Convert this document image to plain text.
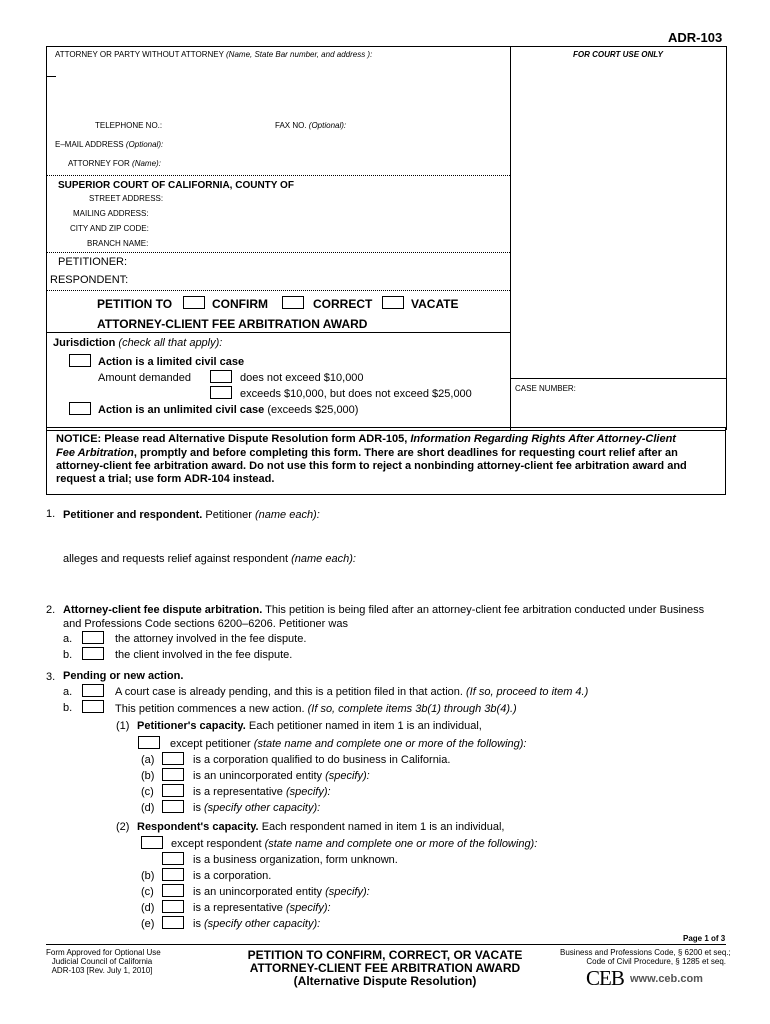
ADR-103
ATTORNEY OR PARTY WITHOUT ATTORNEY (Name, State Bar number, and address ):	FOR COURT USE ONLY
TELEPHONE NO.:	FAX NO. (Optional):
E–MAIL ADDRESS (Optional):
ATTORNEY FOR (Name):
SUPERIOR COURT OF CALIFORNIA, COUNTY OF
STREET ADDRESS:
MAILING ADDRESS:
CITY AND ZIP CODE:
BRANCH NAME:
PETITIONER:
RESPONDENT:
PETITION TO	CONFIRM	CORRECT	VACATE
ATTORNEY-CLIENT FEE ARBITRATION AWARD
Jurisdiction (check all that apply):
Action is a limited civil case
Amount demanded	does not exceed $10,000
exceeds $10,000, but does not exceed $25,000
Action is an unlimited civil case (exceeds $25,000)
CASE NUMBER:
NOTICE: Please read Alternative Dispute Resolution form ADR-105, Information Regarding Rights After Attorney-Client
Fee Arbitration, promptly and before completing this form. There are short deadlines for requesting court relief after an
attorney-client fee arbitration award. Do not use this form to reject a nonbinding attorney-client fee arbitration award and
request a trial; use form ADR-104 instead.
1. Petitioner and respondent. Petitioner (name each):
alleges and requests relief against respondent (name each):
2. Attorney-client fee dispute arbitration. This petition is being filed after an attorney-client fee arbitration conducted under Business
and Professions Code sections 6200–6206. Petitioner was
a.	the attorney involved in the fee dispute.
b.	the client involved in the fee dispute.
3. Pending or new action.
a.	A court case is already pending, and this is a petition filed in that action. (If so, proceed to item 4.)
b.	This petition commences a new action. (If so, complete items 3b(1) through 3b(4).)
(1) Petitioner's capacity. Each petitioner named in item 1 is an individual,
except petitioner (state name and complete one or more of the following):
(a)	is a corporation qualified to do business in California.
(b)	is an unincorporated entity (specify):
(c)	is a representative (specify):
(d)	is (specify other capacity):
(2) Respondent's capacity. Each respondent named in item 1 is an individual,
except respondent (state name and complete one or more of the following):
is a business organization, form unknown.
(b)	is a corporation.
(c)	is an unincorporated entity (specify):
(d)	is a representative (specify):
(e)	is (specify other capacity):
Page 1 of 3
Form Approved for Optional Use
Judicial Council of California
ADR-103 [Rev. July 1, 2010]
PETITION TO CONFIRM, CORRECT, OR VACATE
ATTORNEY-CLIENT FEE ARBITRATION AWARD
(Alternative Dispute Resolution)
Business and Professions Code, § 6200 et seq.;
Code of Civil Procedure, § 1285 et seq.
CEB www.ceb.com
